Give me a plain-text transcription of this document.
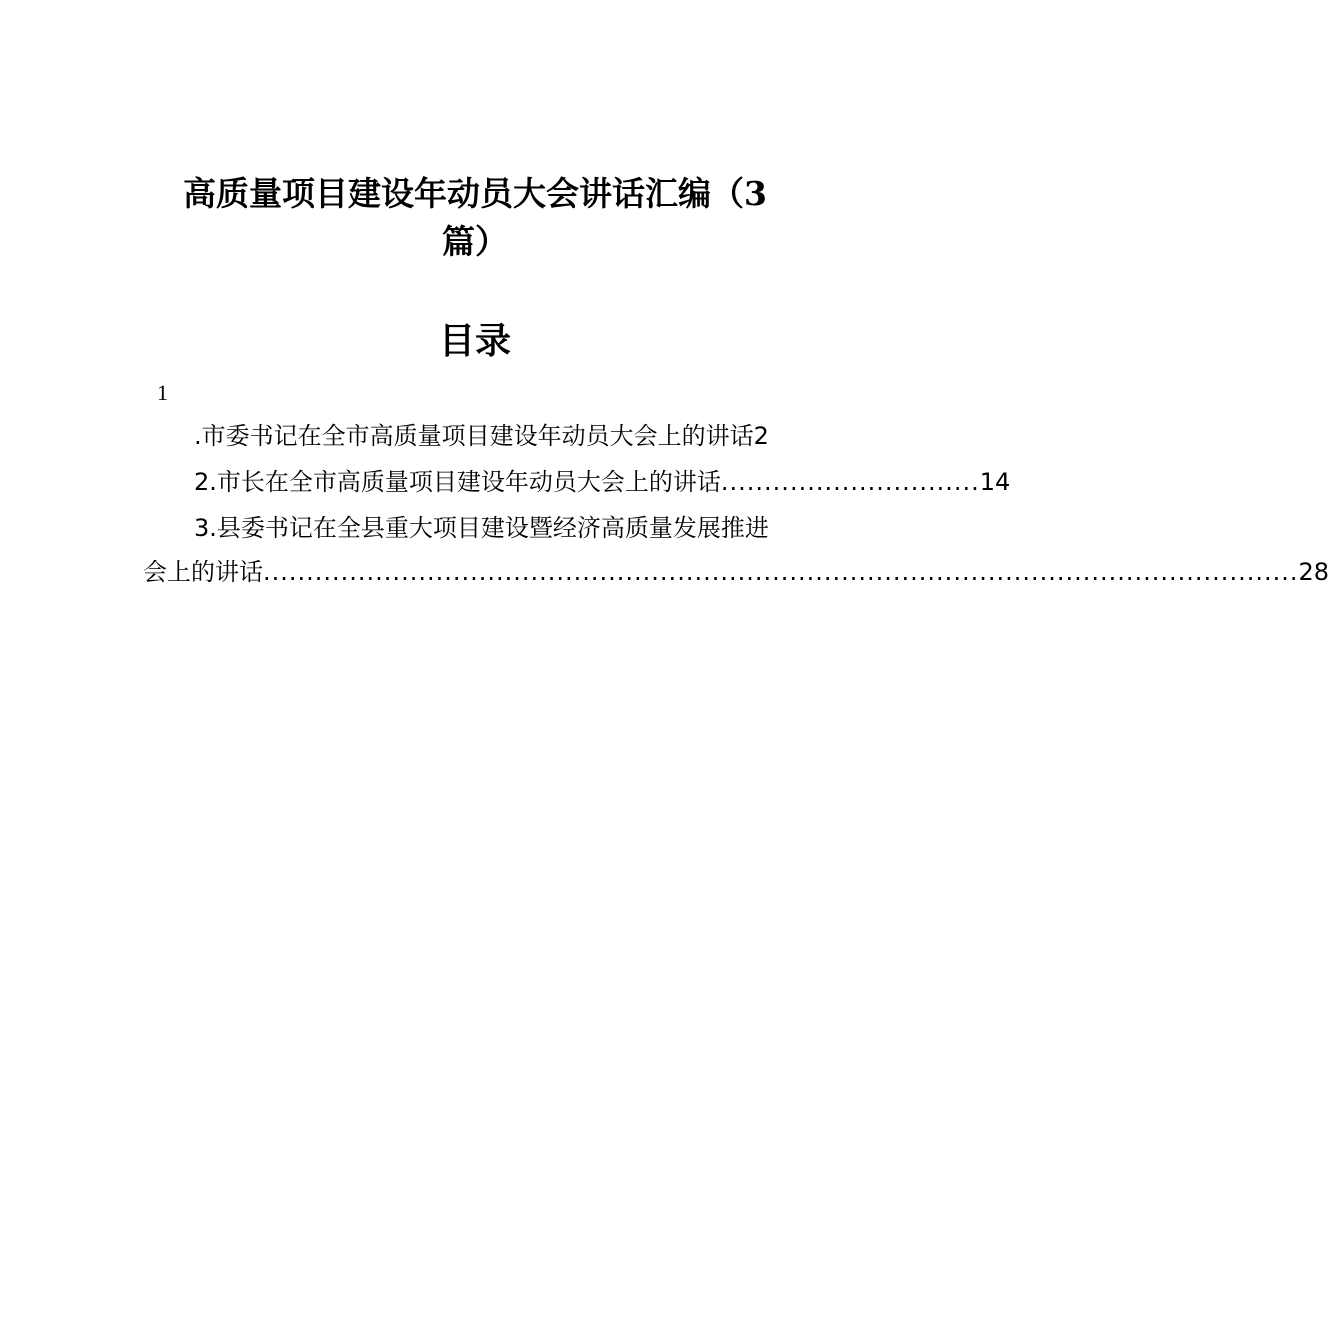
高质量项目建设年动员大会讲话汇编（3
篇）
目录
1
.市委书记在全市高质量项目建设年动员大会上的讲话 2
2.市长在全市高质量项目建设年动员大会上的讲话 .............................. 14
3.县委书记在全县重大项目建设暨经济高质量发展推进
会上的讲话 ........................................................................................................................ 28
